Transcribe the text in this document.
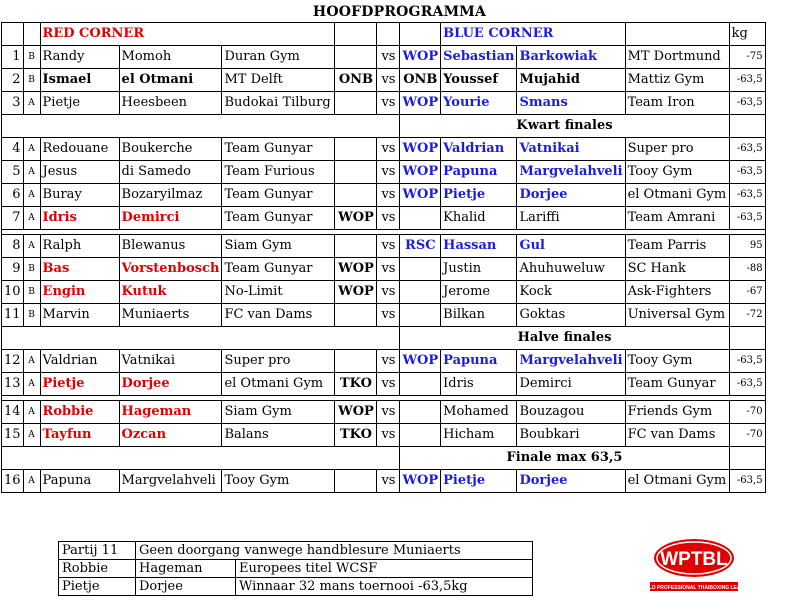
HOOFDPROGRAMMA
		RED CORNER						BLUE CORNER			kg
1	B	Randy	Momoh	Duran Gym		vs	WOP	Sebastian	Barkowiak	MT Dortmund	-75
2	B	Ismael	el Otmani	MT Delft	ONB	vs	ONB	Youssef	Mujahid	Mattiz Gym	-63,5
3	A	Pietje	Heesbeen	Budokai Tilburg		vs	WOP	Yourie	Smans	Team Iron	-63,5
							Kwart finales				
4	A	Redouane	Boukerche	Team Gunyar		vs	WOP	Valdrian	Vatnikai	Super pro	-63,5
5	A	Jesus	di Samedo	Team Furious		vs	WOP	Papuna	Margvelahveli	Tooy Gym	-63,5
6	A	Buray	Bozaryilmaz	Team Gunyar		vs	WOP	Pietje	Dorjee	el Otmani Gym	-63,5
7	A	Idris	Demirci	Team Gunyar	WOP	vs		Khalid	Lariffi	Team Amrani	-63,5

8	A	Ralph	Blewanus	Siam Gym		vs	RSC	Hassan	Gul	Team Parris	95
9	B	Bas	Vorstenbosch	Team Gunyar	WOP	vs		Justin	Ahuhuweluw	SC Hank	-88
10	B	Engin	Kutuk	No-Limit	WOP	vs		Jerome	Kock	Ask-Fighters	-67
11	B	Marvin	Muniaerts	FC van Dams		vs		Bilkan	Goktas	Universal Gym	-72
							Halve finales				
12	A	Valdrian	Vatnikai	Super pro		vs	WOP	Papuna	Margvelahveli	Tooy Gym	-63,5
13	A	Pietje	Dorjee	el Otmani Gym	TKO	vs		Idris	Demirci	Team Gunyar	-63,5

14	A	Robbie	Hageman	Siam Gym	WOP	vs		Mohamed	Bouzagou	Friends Gym	-70
15	A	Tayfun	Ozcan	Balans	TKO	vs		Hicham	Boubkari	FC van Dams	-70
							Finale max 63,5				
16	A	Papuna	Margvelahveli	Tooy Gym		vs	WOP	Pietje	Dorjee	el Otmani Gym	-63,5
Partij 11	Geen doorgang vanwege handblesure Muniaerts	
Robbie	Hageman	Europees titel WCSF
Pietje	Dorjee	Winnaar 32 mans toernooi -63,5kg
WPTBL
WORLD PROFESSIONAL THAIBOXING LEAGUE
